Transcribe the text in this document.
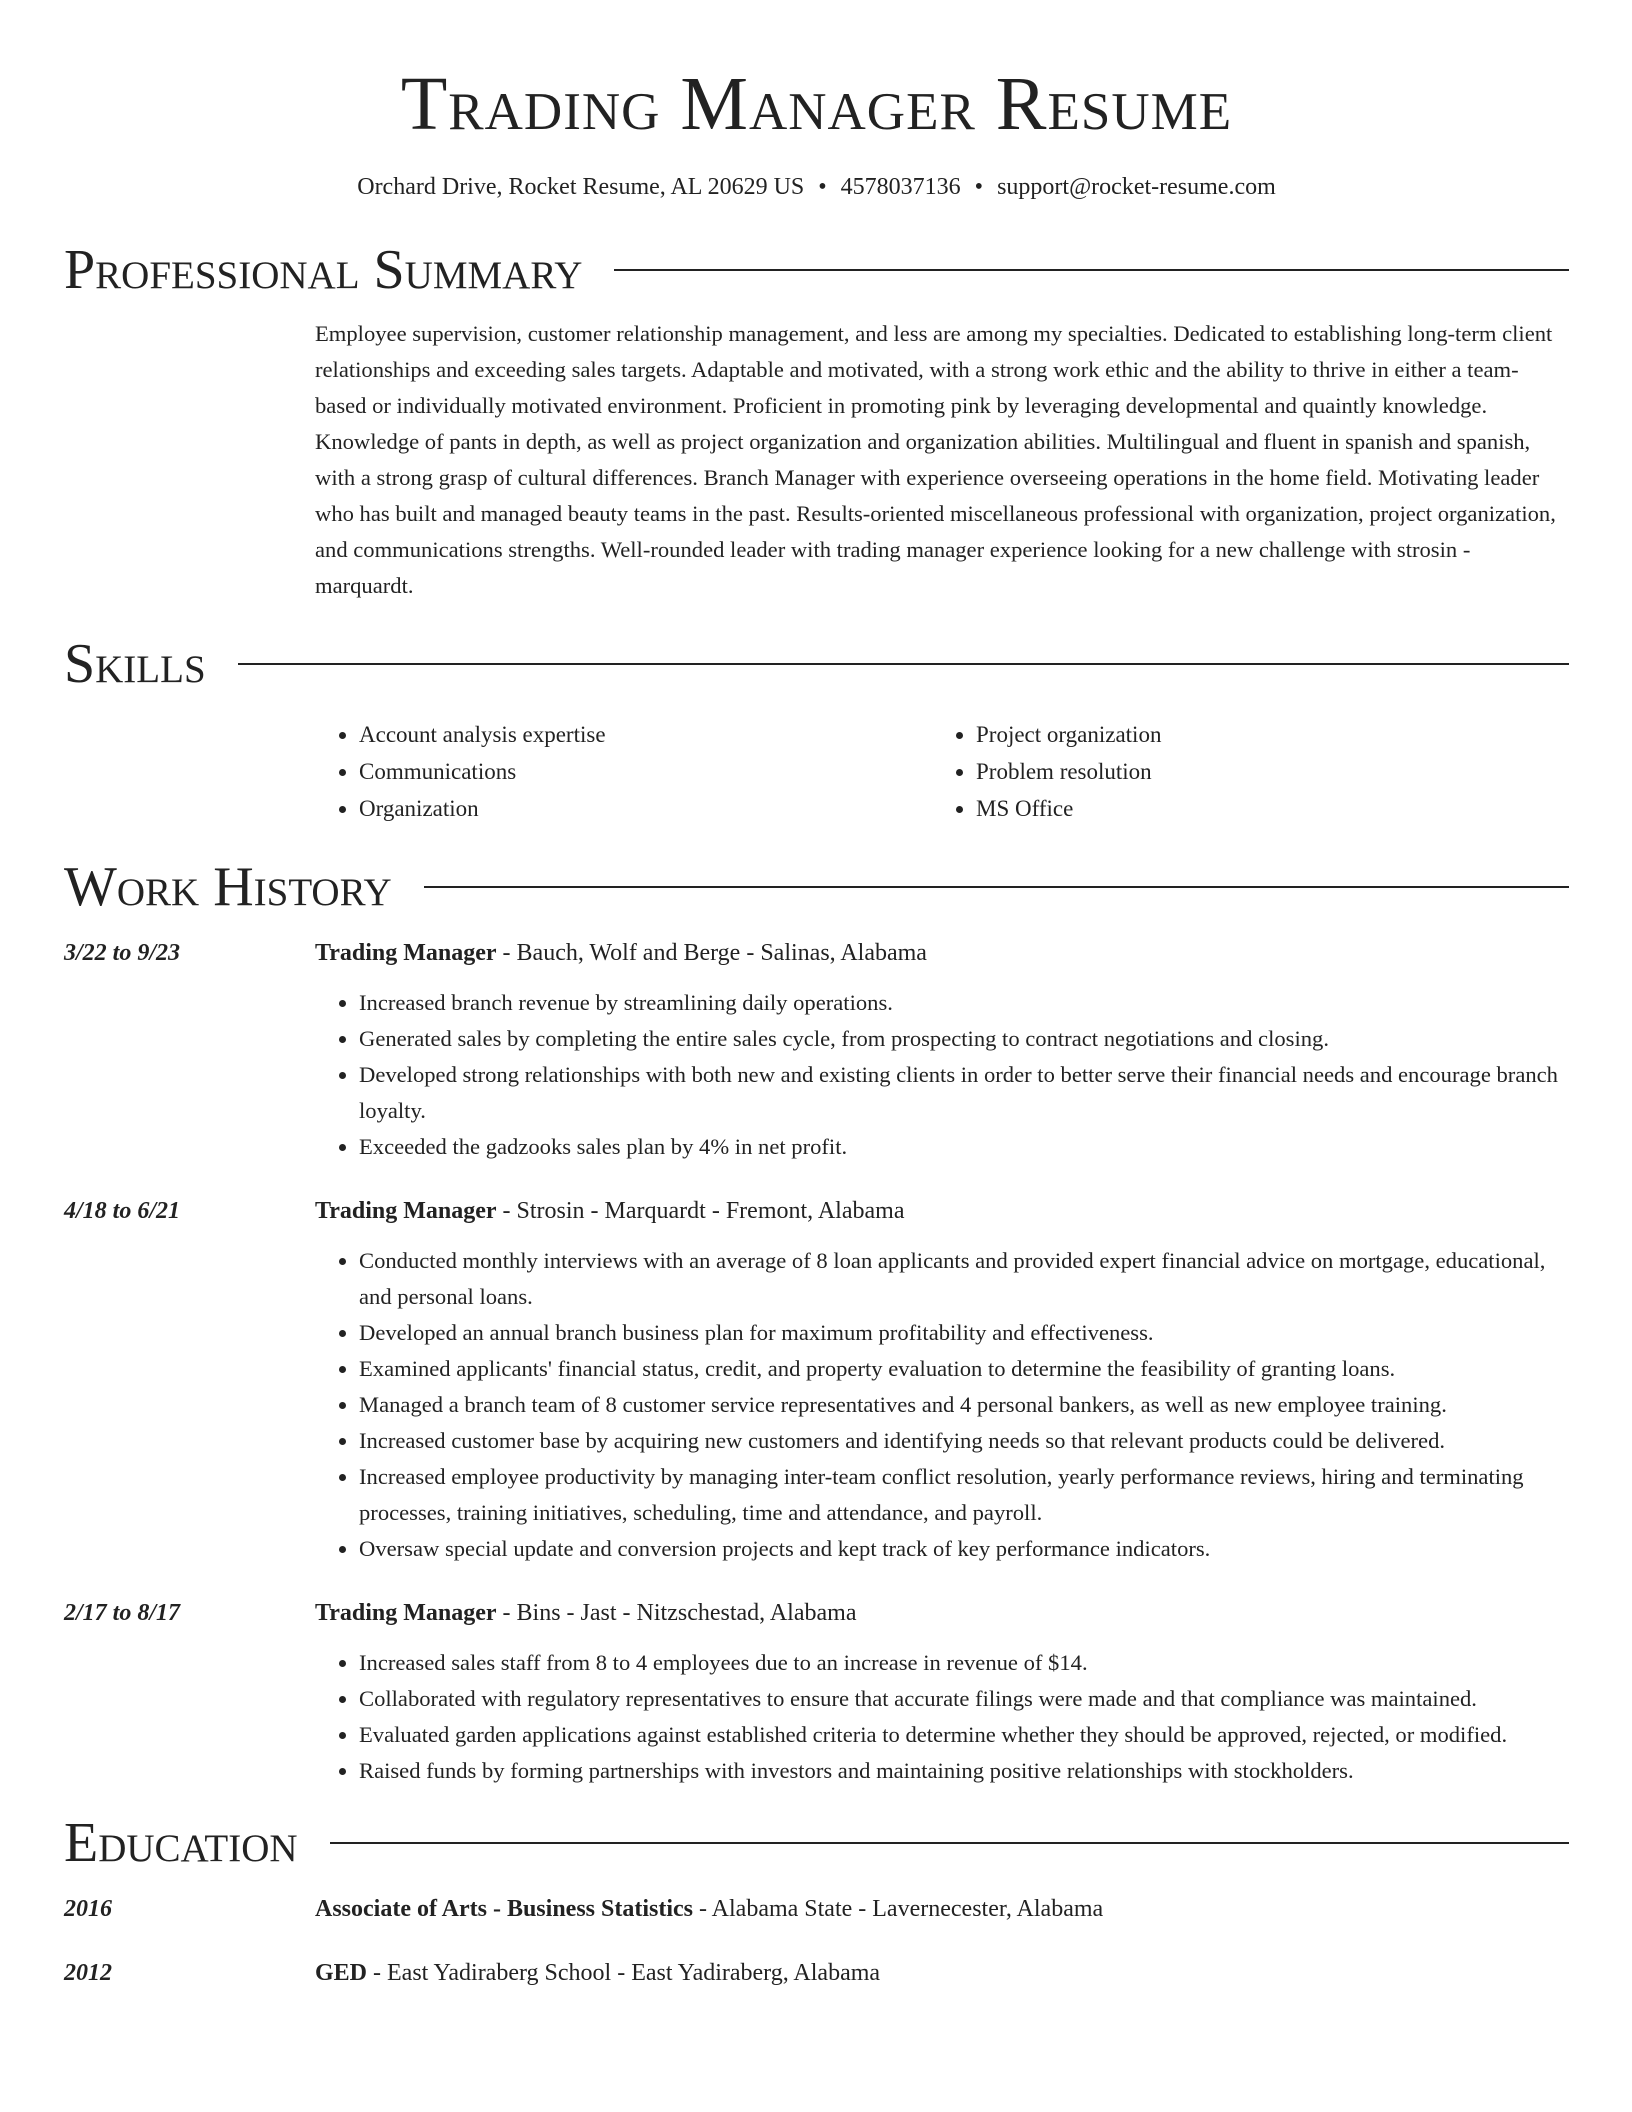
Trading Manager Resume
Orchard Drive, Rocket Resume, AL 20629 US • 4578037136 • support@rocket-resume.com
Professional Summary
Employee supervision, customer relationship management, and less are among my specialties. Dedicated to establishing long-term client relationships and exceeding sales targets. Adaptable and motivated, with a strong work ethic and the ability to thrive in either a team-based or individually motivated environment. Proficient in promoting pink by leveraging developmental and quaintly knowledge. Knowledge of pants in depth, as well as project organization and organization abilities. Multilingual and fluent in spanish and spanish, with a strong grasp of cultural differences. Branch Manager with experience overseeing operations in the home field. Motivating leader who has built and managed beauty teams in the past. Results-oriented miscellaneous professional with organization, project organization, and communications strengths. Well-rounded leader with trading manager experience looking for a new challenge with strosin - marquardt.
Skills
• Account analysis expertise
• Communications
• Organization
• Project organization
• Problem resolution
• MS Office
Work History
3/22 to 9/23	Trading Manager - Bauch, Wolf and Berge - Salinas, Alabama
• Increased branch revenue by streamlining daily operations.
• Generated sales by completing the entire sales cycle, from prospecting to contract negotiations and closing.
• Developed strong relationships with both new and existing clients in order to better serve their financial needs and encourage branch loyalty.
• Exceeded the gadzooks sales plan by 4% in net profit.
4/18 to 6/21	Trading Manager - Strosin - Marquardt - Fremont, Alabama
• Conducted monthly interviews with an average of 8 loan applicants and provided expert financial advice on mortgage, educational, and personal loans.
• Developed an annual branch business plan for maximum profitability and effectiveness.
• Examined applicants' financial status, credit, and property evaluation to determine the feasibility of granting loans.
• Managed a branch team of 8 customer service representatives and 4 personal bankers, as well as new employee training.
• Increased customer base by acquiring new customers and identifying needs so that relevant products could be delivered.
• Increased employee productivity by managing inter-team conflict resolution, yearly performance reviews, hiring and terminating processes, training initiatives, scheduling, time and attendance, and payroll.
• Oversaw special update and conversion projects and kept track of key performance indicators.
2/17 to 8/17	Trading Manager - Bins - Jast - Nitzschestad, Alabama
• Increased sales staff from 8 to 4 employees due to an increase in revenue of $14.
• Collaborated with regulatory representatives to ensure that accurate filings were made and that compliance was maintained.
• Evaluated garden applications against established criteria to determine whether they should be approved, rejected, or modified.
• Raised funds by forming partnerships with investors and maintaining positive relationships with stockholders.
Education
2016	Associate of Arts - Business Statistics - Alabama State - Lavernecester, Alabama
2012	GED - East Yadiraberg School - East Yadiraberg, Alabama
